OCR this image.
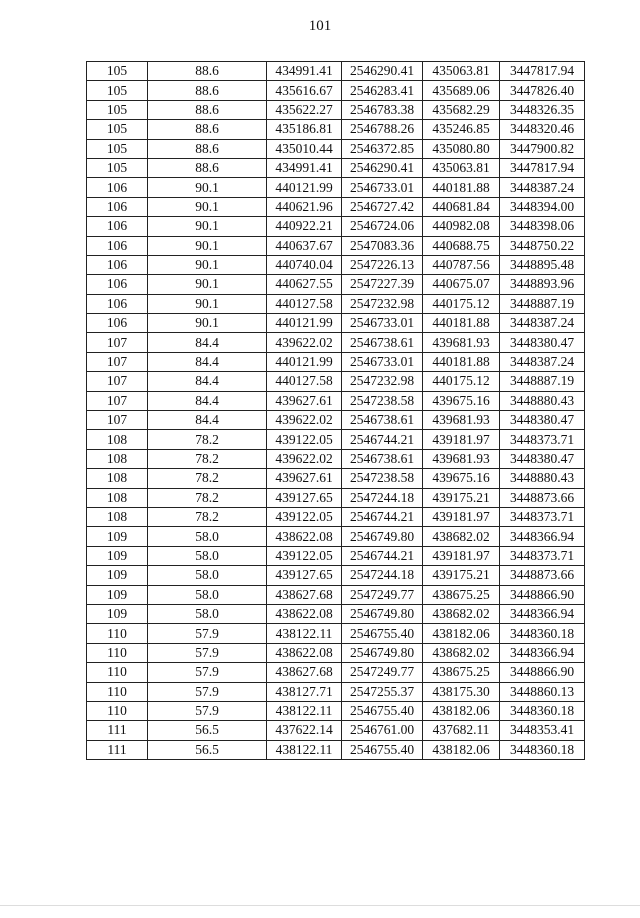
101
105	88.6	434991.41	2546290.41	435063.81	3447817.94
105	88.6	435616.67	2546283.41	435689.06	3447826.40
105	88.6	435622.27	2546783.38	435682.29	3448326.35
105	88.6	435186.81	2546788.26	435246.85	3448320.46
105	88.6	435010.44	2546372.85	435080.80	3447900.82
105	88.6	434991.41	2546290.41	435063.81	3447817.94
106	90.1	440121.99	2546733.01	440181.88	3448387.24
106	90.1	440621.96	2546727.42	440681.84	3448394.00
106	90.1	440922.21	2546724.06	440982.08	3448398.06
106	90.1	440637.67	2547083.36	440688.75	3448750.22
106	90.1	440740.04	2547226.13	440787.56	3448895.48
106	90.1	440627.55	2547227.39	440675.07	3448893.96
106	90.1	440127.58	2547232.98	440175.12	3448887.19
106	90.1	440121.99	2546733.01	440181.88	3448387.24
107	84.4	439622.02	2546738.61	439681.93	3448380.47
107	84.4	440121.99	2546733.01	440181.88	3448387.24
107	84.4	440127.58	2547232.98	440175.12	3448887.19
107	84.4	439627.61	2547238.58	439675.16	3448880.43
107	84.4	439622.02	2546738.61	439681.93	3448380.47
108	78.2	439122.05	2546744.21	439181.97	3448373.71
108	78.2	439622.02	2546738.61	439681.93	3448380.47
108	78.2	439627.61	2547238.58	439675.16	3448880.43
108	78.2	439127.65	2547244.18	439175.21	3448873.66
108	78.2	439122.05	2546744.21	439181.97	3448373.71
109	58.0	438622.08	2546749.80	438682.02	3448366.94
109	58.0	439122.05	2546744.21	439181.97	3448373.71
109	58.0	439127.65	2547244.18	439175.21	3448873.66
109	58.0	438627.68	2547249.77	438675.25	3448866.90
109	58.0	438622.08	2546749.80	438682.02	3448366.94
110	57.9	438122.11	2546755.40	438182.06	3448360.18
110	57.9	438622.08	2546749.80	438682.02	3448366.94
110	57.9	438627.68	2547249.77	438675.25	3448866.90
110	57.9	438127.71	2547255.37	438175.30	3448860.13
110	57.9	438122.11	2546755.40	438182.06	3448360.18
111	56.5	437622.14	2546761.00	437682.11	3448353.41
111	56.5	438122.11	2546755.40	438182.06	3448360.18
